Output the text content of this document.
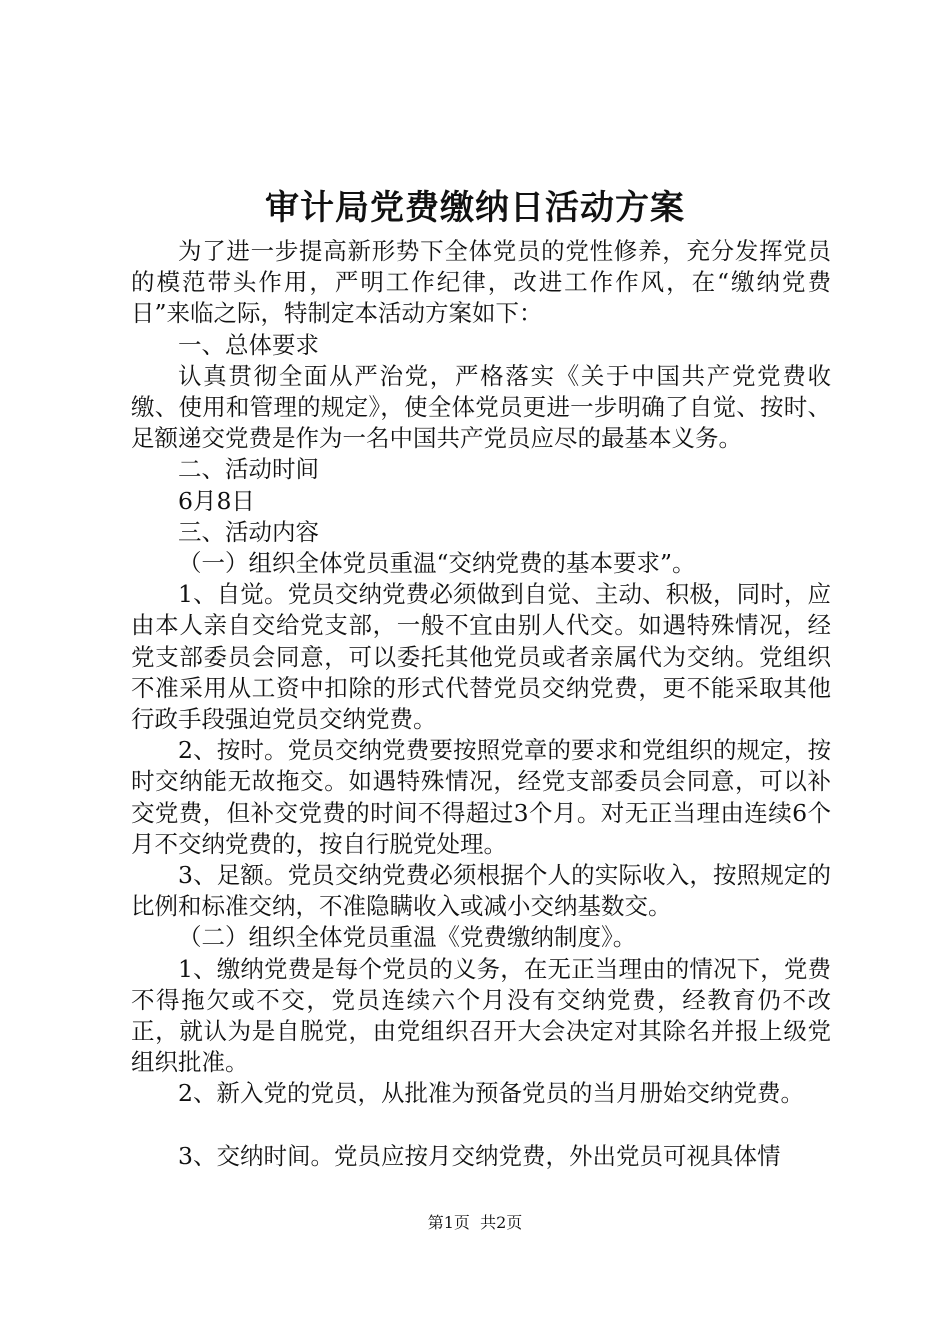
审计局党费缴纳日活动方案

为了进一步提高新形势下全体党员的党性修养，充分发挥党员的模范带头作用，严明工作纪律，改进工作作风，在“缴纳党费日”来临之际，特制定本活动方案如下：

一、总体要求

认真贯彻全面从严治党，严格落实《关于中国共产党党费收缴、使用和管理的规定》，使全体党员更进一步明确了自觉、按时、足额递交党费是作为一名中国共产党员应尽的最基本义务。

二、活动时间

6月8日

三、活动内容

（一）组织全体党员重温“交纳党费的基本要求”。

1、自觉。党员交纳党费必须做到自觉、主动、积极，同时，应由本人亲自交给党支部，一般不宜由别人代交。如遇特殊情况，经党支部委员会同意，可以委托其他党员或者亲属代为交纳。党组织不准采用从工资中扣除的形式代替党员交纳党费，更不能采取其他行政手段强迫党员交纳党费。

2、按时。党员交纳党费要按照党章的要求和党组织的规定，按时交纳能无故拖交。如遇特殊情况，经党支部委员会同意，可以补交党费，但补交党费的时间不得超过3个月。对无正当理由连续6个月不交纳党费的，按自行脱党处理。

3、足额。党员交纳党费必须根据个人的实际收入，按照规定的比例和标准交纳，不准隐瞒收入或减小交纳基数交。

（二）组织全体党员重温《党费缴纳制度》。

1、缴纳党费是每个党员的义务，在无正当理由的情况下，党费不得拖欠或不交，党员连续六个月没有交纳党费，经教育仍不改正，就认为是自脱党，由党组织召开大会决定对其除名并报上级党组织批准。

2、新入党的党员，从批准为预备党员的当月册始交纳党费。

3、交纳时间。党员应按月交纳党费，外出党员可视具体情

第1页  共2页
